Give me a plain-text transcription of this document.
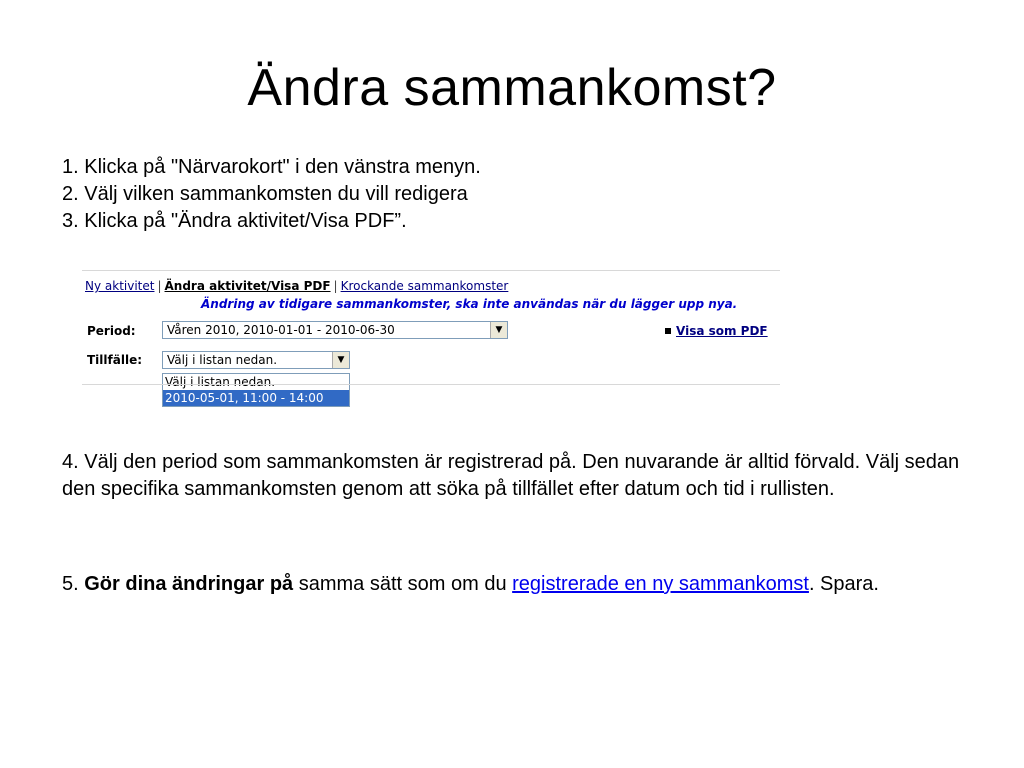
Ändra sammankomst?
1. Klicka på "Närvarokort" i den vänstra menyn.
2. Välj vilken sammankomsten du vill redigera
3. Klicka på "Ändra aktivitet/Visa PDF”.
Ny aktivitet | Ändra aktivitet/Visa PDF | Krockande sammankomster
Ändring av tidigare sammankomster, ska inte användas när du lägger upp nya.
Period:	Våren 2010, 2010-01-01 - 2010-06-30	▼	Visa som PDF
Tillfälle:	Välj i listan nedan.	▼
Välj i listan nedan.
2010-05-01, 11:00 - 14:00
4. Välj den period som sammankomsten är registrerad på. Den nuvarande är alltid förvald. Välj sedan den specifika sammankomsten genom att söka på tillfället efter datum och tid i rullisten.
5. Gör dina ändringar på samma sätt som om du registrerade en ny sammankomst. Spara.
